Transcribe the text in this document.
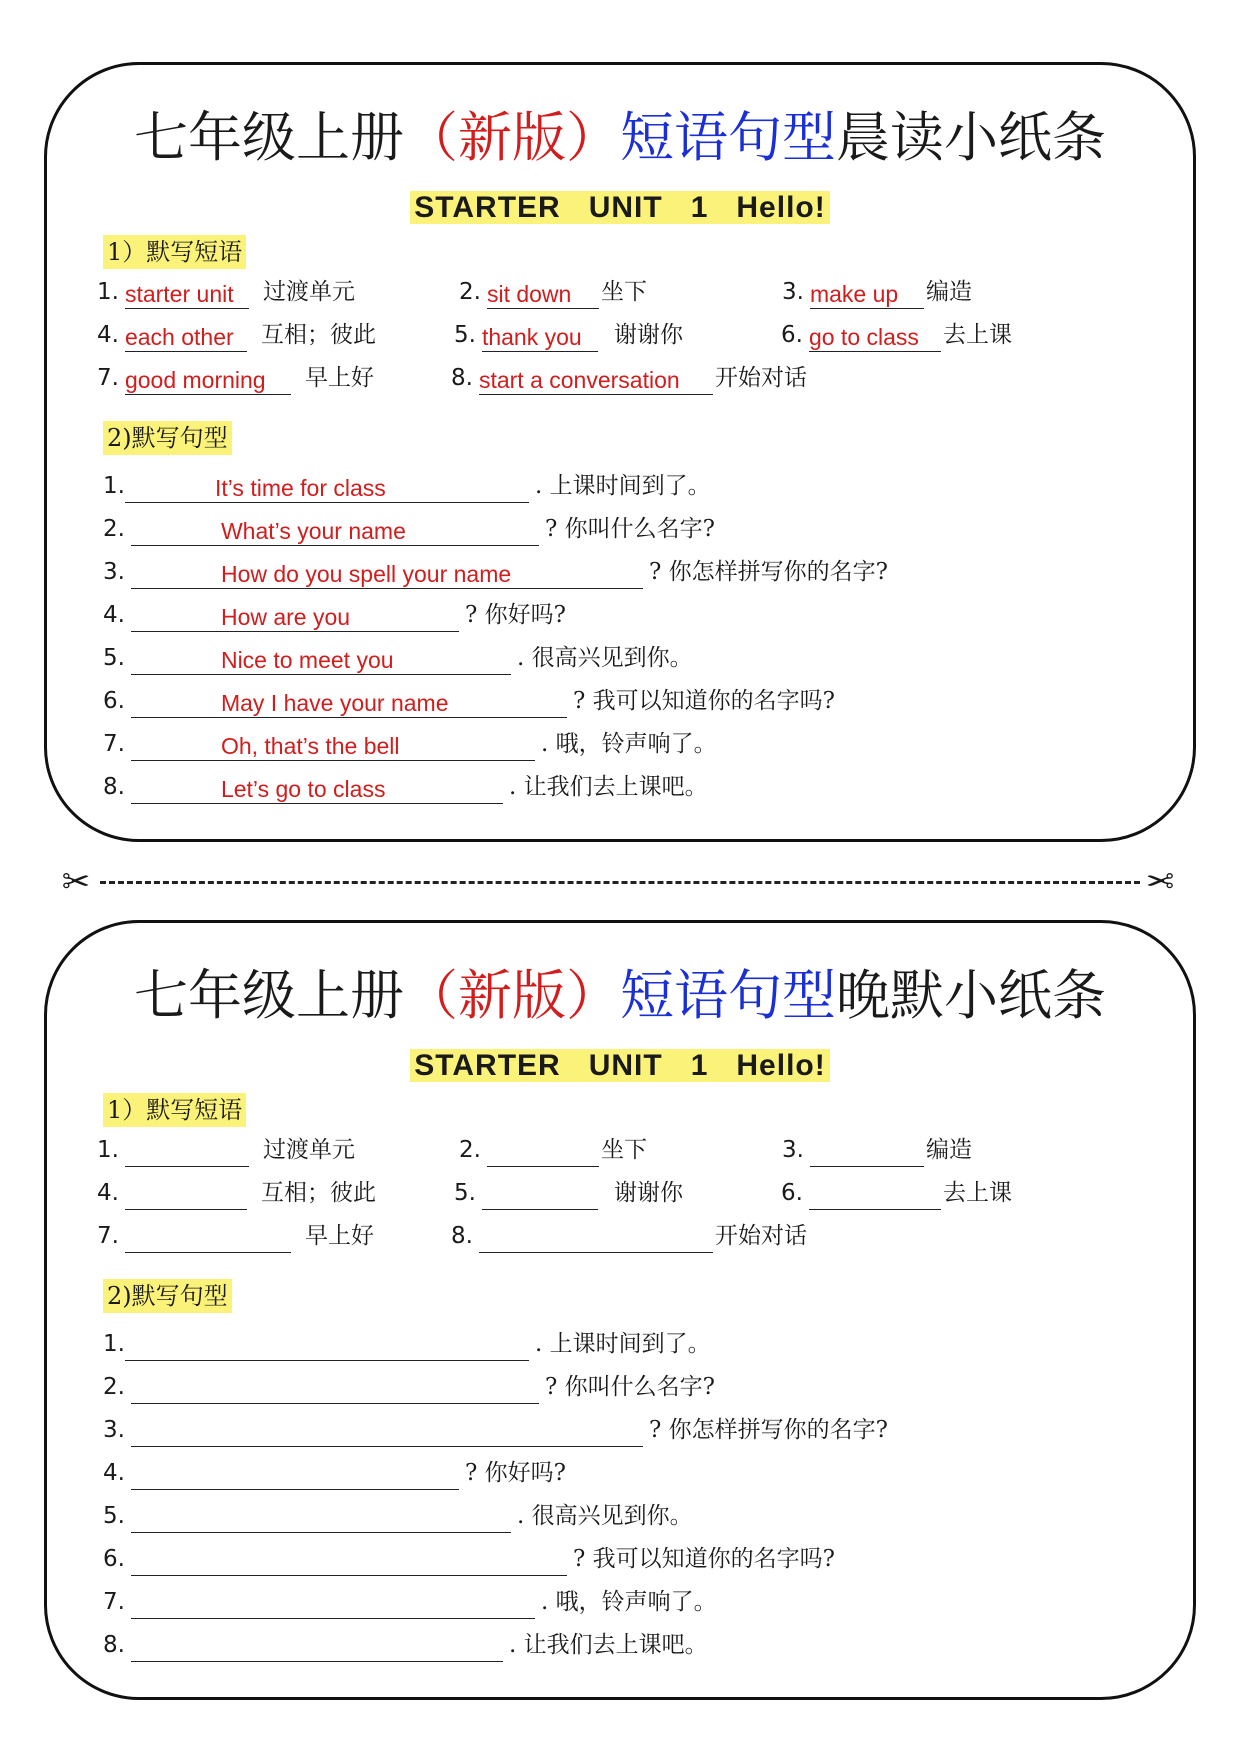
七年级上册（新版）短语句型晨读小纸条
STARTER   UNIT   1   Hello!
1）默写短语
1. starter unit	过渡单元	2. sit down	坐下	3. make up	编造
4. each other	互相；彼此	5. thank you	谢谢你	6. go to class	去上课
7. good morning	早上好	8. start a conversation	开始对话
2)默写句型
1.	It’s time for class	. 上课时间到了。
2.	What’s your name	? 你叫什么名字?
3.	How do you spell your name	? 你怎样拼写你的名字?
4.	How are you	? 你好吗?
5.	Nice to meet you	. 很高兴见到你。
6.	May I have your name	? 我可以知道你的名字吗?
7.	Oh, that’s the bell	. 哦，铃声响了。
8.	Let’s go to class	. 让我们去上课吧。
✂	✂
七年级上册（新版）短语句型晚默小纸条
STARTER   UNIT   1   Hello!
1）默写短语
1.	过渡单元	2.	坐下	3.	编造
4.	互相；彼此	5.	谢谢你	6.	去上课
7.	早上好	8.	开始对话
2)默写句型
1.	. 上课时间到了。
2.	? 你叫什么名字?
3.	? 你怎样拼写你的名字?
4.	? 你好吗?
5.	. 很高兴见到你。
6.	? 我可以知道你的名字吗?
7.	. 哦，铃声响了。
8.	. 让我们去上课吧。
